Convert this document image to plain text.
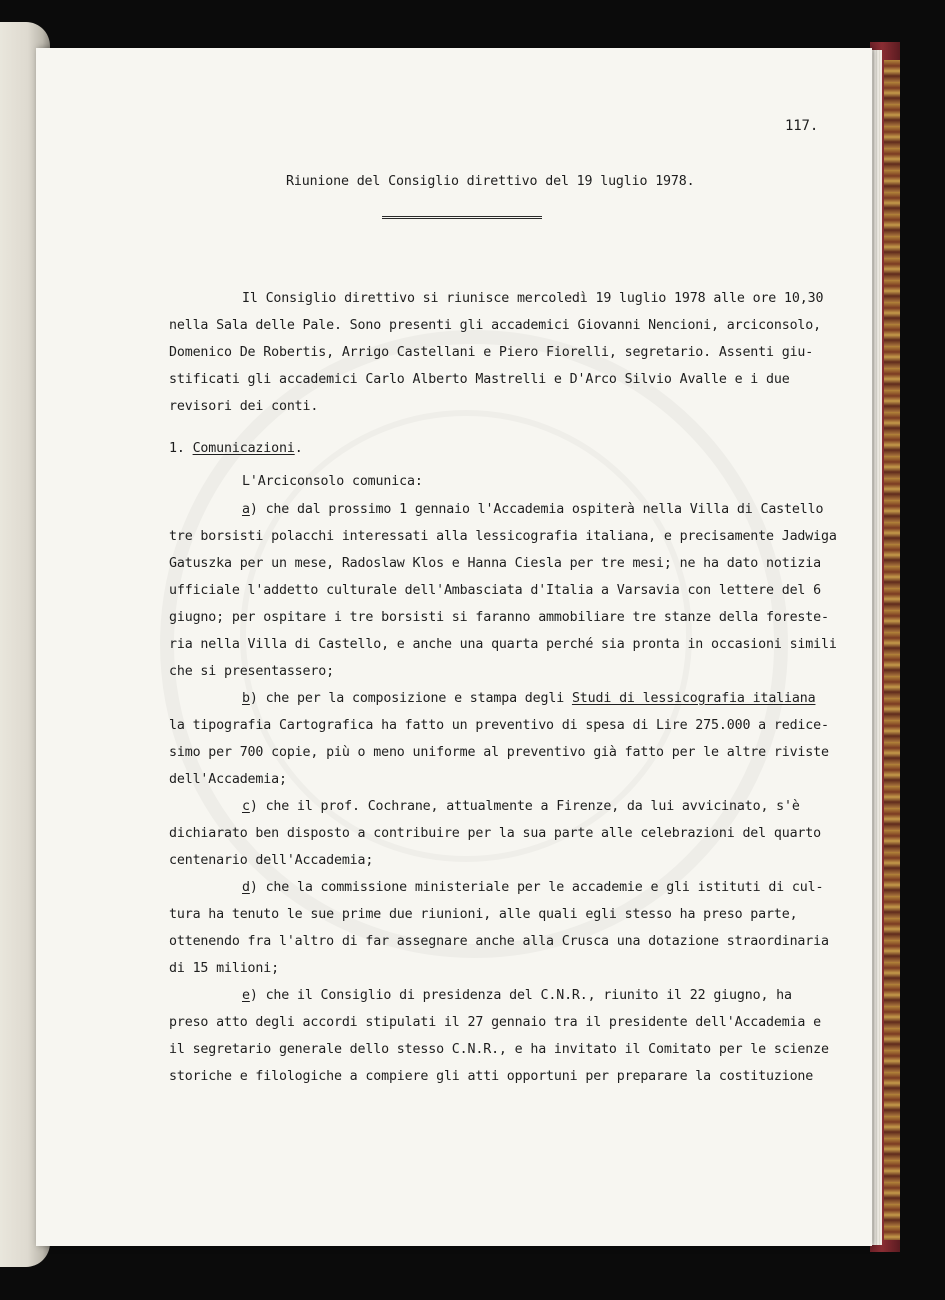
117.
Riunione del Consiglio direttivo del 19 luglio 1978.
Il Consiglio direttivo si riunisce mercoledì 19 luglio 1978 alle ore 10,30
nella Sala delle Pale. Sono presenti gli accademici Giovanni Nencioni, arciconsolo,
Domenico De Robertis, Arrigo Castellani e Piero Fiorelli, segretario. Assenti giu-
stificati gli accademici Carlo Alberto Mastrelli e D'Arco Silvio Avalle e i due
revisori dei conti.
1. Comunicazioni.
L'Arciconsolo comunica:
a) che dal prossimo 1 gennaio l'Accademia ospiterà nella Villa di Castello
tre borsisti polacchi interessati alla lessicografia italiana, e precisamente Jadwiga
Gatuszka per un mese, Radoslaw Klos e Hanna Ciesla per tre mesi; ne ha dato notizia
ufficiale l'addetto culturale dell'Ambasciata d'Italia a Varsavia con lettere del 6
giugno; per ospitare i tre borsisti si faranno ammobiliare tre stanze della foreste-
ria nella Villa di Castello, e anche una quarta perché sia pronta in occasioni simili
che si presentassero;
b) che per la composizione e stampa degli Studi di lessicografia italiana
la tipografia Cartografica ha fatto un preventivo di spesa di Lire 275.000 a redice-
simo per 700 copie, più o meno uniforme al preventivo già fatto per le altre riviste
dell'Accademia;
c) che il prof. Cochrane, attualmente a Firenze, da lui avvicinato, s'è
dichiarato ben disposto a contribuire per la sua parte alle celebrazioni del quarto
centenario dell'Accademia;
d) che la commissione ministeriale per le accademie e gli istituti di cul-
tura ha tenuto le sue prime due riunioni, alle quali egli stesso ha preso parte,
ottenendo fra l'altro di far assegnare anche alla Crusca una dotazione straordinaria
di 15 milioni;
e) che il Consiglio di presidenza del C.N.R., riunito il 22 giugno, ha
preso atto degli accordi stipulati il 27 gennaio tra il presidente dell'Accademia e
il segretario generale dello stesso C.N.R., e ha invitato il Comitato per le scienze
storiche e filologiche a compiere gli atti opportuni per preparare la costituzione
